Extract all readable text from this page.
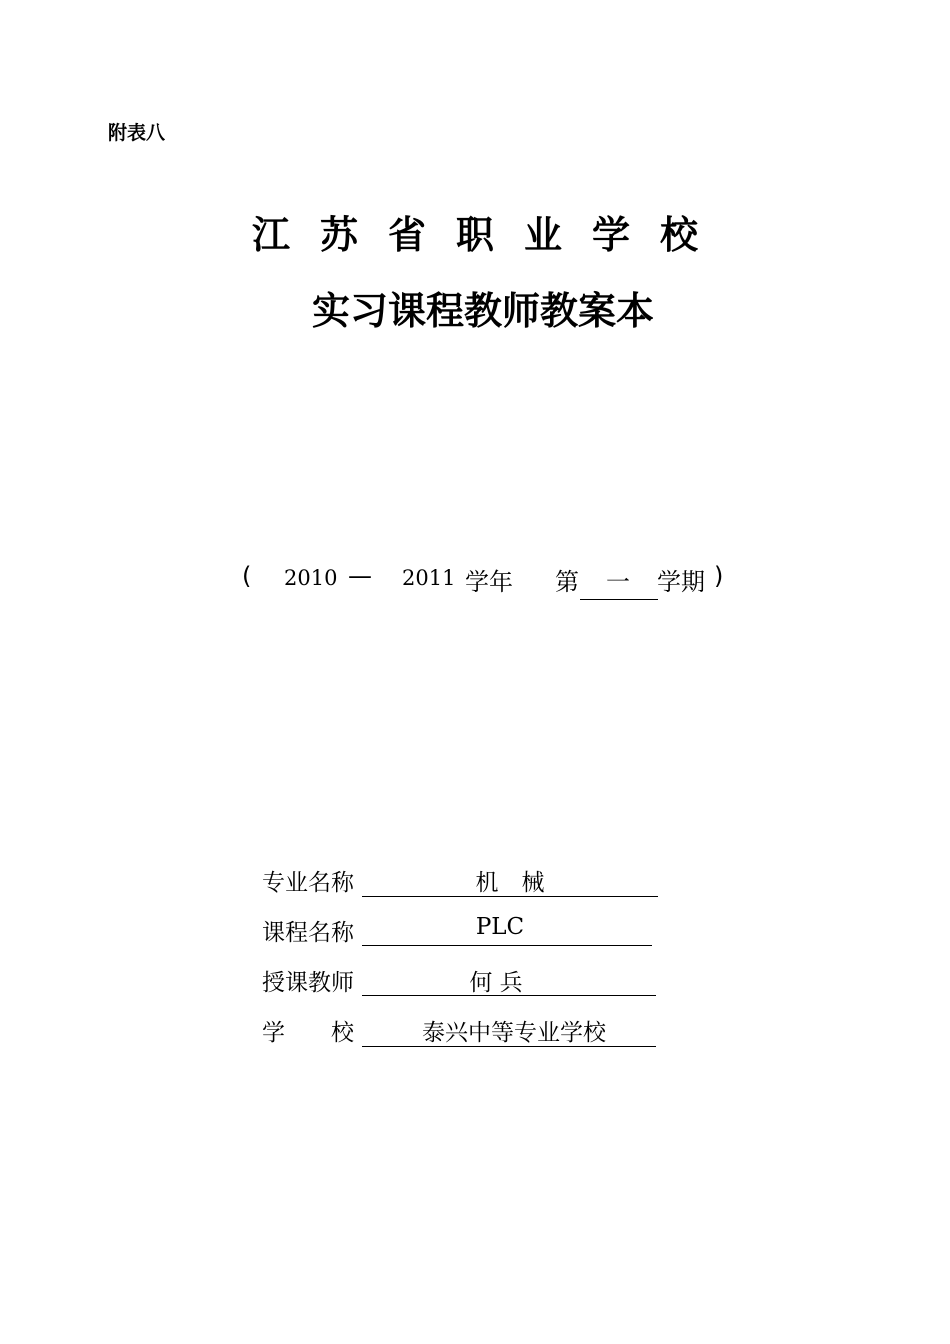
附表八
江苏省职业学校
实习课程教师教案本
( 2010 — 2011 学年 第 一 学期 )
专业名称	机　械
课程名称	PLC
授课教师	何 兵
学　　校	泰兴中等专业学校
